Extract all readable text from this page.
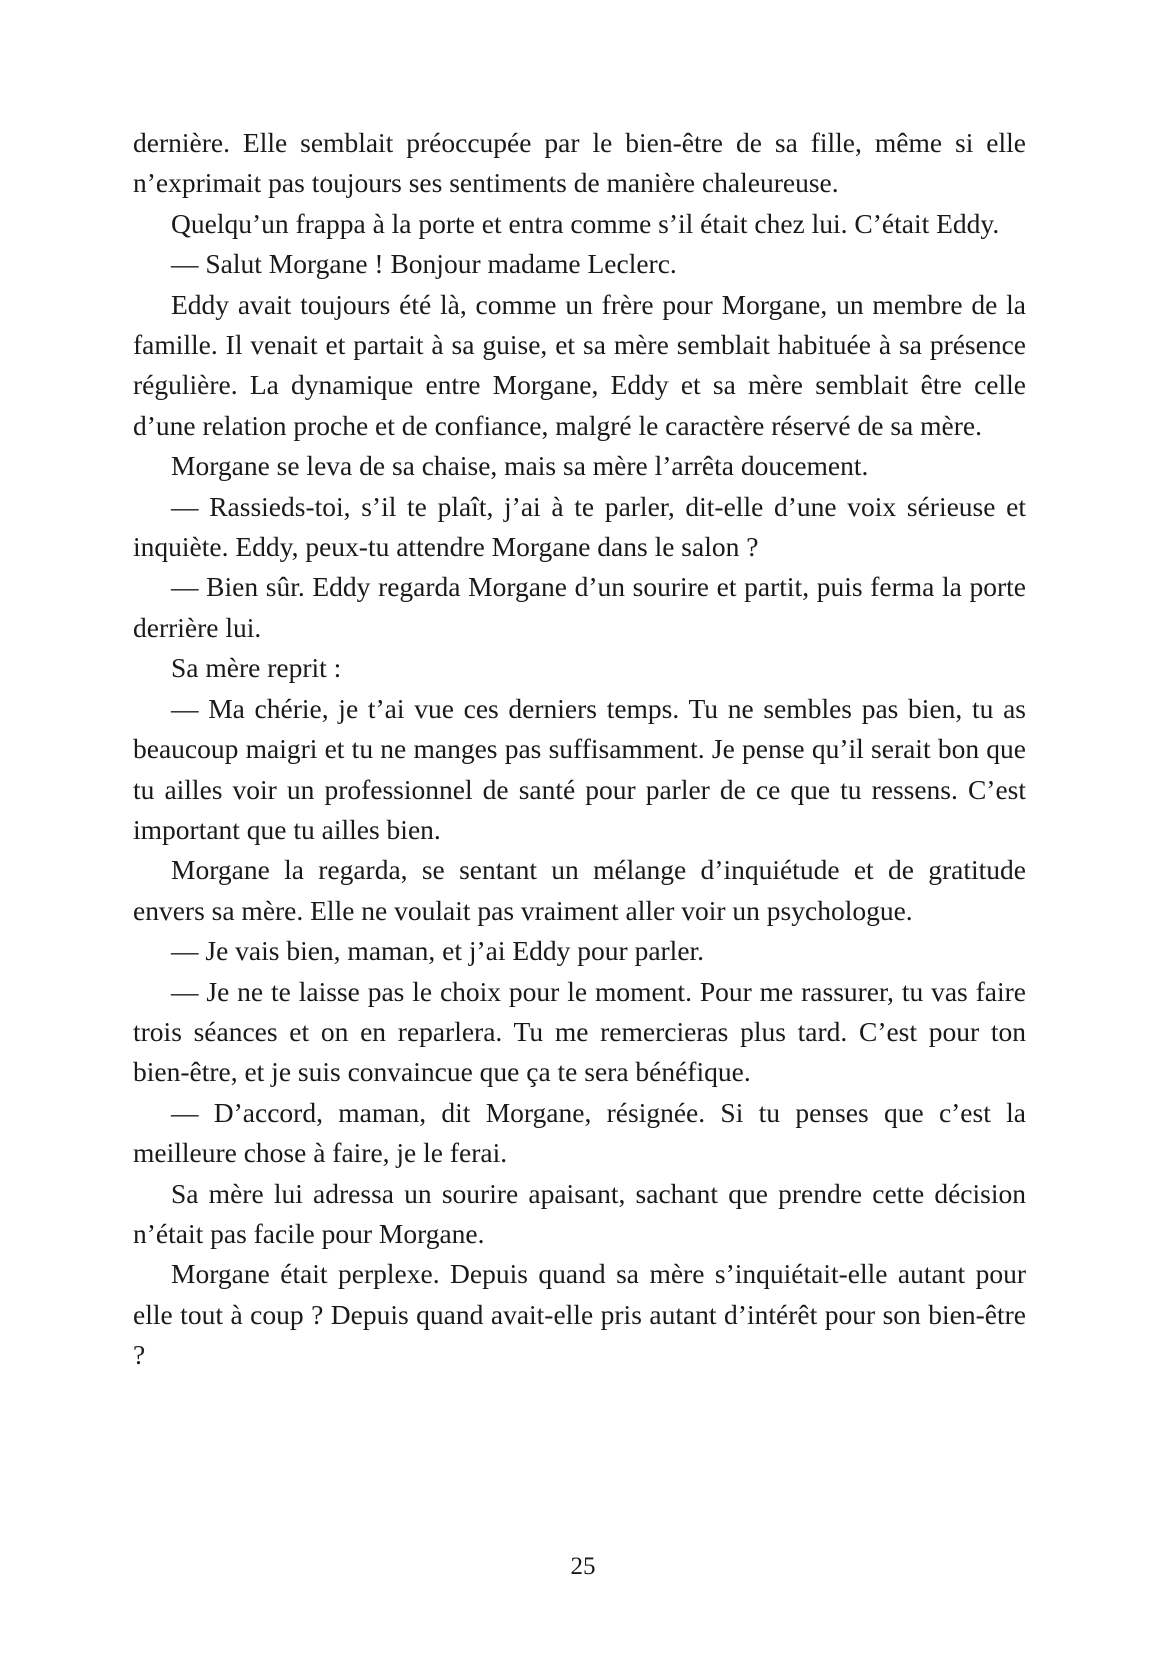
dernière. Elle semblait préoccupée par le bien-être de sa fille, même si elle n’exprimait pas toujours ses sentiments de manière chaleureuse.

Quelqu’un frappa à la porte et entra comme s’il était chez lui. C’était Eddy.

— Salut Morgane ! Bonjour madame Leclerc.

Eddy avait toujours été là, comme un frère pour Morgane, un membre de la famille. Il venait et partait à sa guise, et sa mère semblait habituée à sa présence régulière. La dynamique entre Morgane, Eddy et sa mère semblait être celle d’une relation proche et de confiance, malgré le caractère réservé de sa mère.

Morgane se leva de sa chaise, mais sa mère l’arrêta doucement.

— Rassieds-toi, s’il te plaît, j’ai à te parler, dit-elle d’une voix sérieuse et inquiète. Eddy, peux-tu attendre Morgane dans le salon ?

— Bien sûr. Eddy regarda Morgane d’un sourire et partit, puis ferma la porte derrière lui.

Sa mère reprit :

— Ma chérie, je t’ai vue ces derniers temps. Tu ne sembles pas bien, tu as beaucoup maigri et tu ne manges pas suffisamment. Je pense qu’il serait bon que tu ailles voir un professionnel de santé pour parler de ce que tu ressens. C’est important que tu ailles bien.

Morgane la regarda, se sentant un mélange d’inquiétude et de gratitude envers sa mère. Elle ne voulait pas vraiment aller voir un psychologue.

— Je vais bien, maman, et j’ai Eddy pour parler.

— Je ne te laisse pas le choix pour le moment. Pour me rassurer, tu vas faire trois séances et on en reparlera. Tu me remercieras plus tard. C’est pour ton bien-être, et je suis convaincue que ça te sera bénéfique.

— D’accord, maman, dit Morgane, résignée. Si tu penses que c’est la meilleure chose à faire, je le ferai.

Sa mère lui adressa un sourire apaisant, sachant que prendre cette décision n’était pas facile pour Morgane.

Morgane était perplexe. Depuis quand sa mère s’inquiétait-elle autant pour elle tout à coup ? Depuis quand avait-elle pris autant d’intérêt pour son bien-être ?

25
